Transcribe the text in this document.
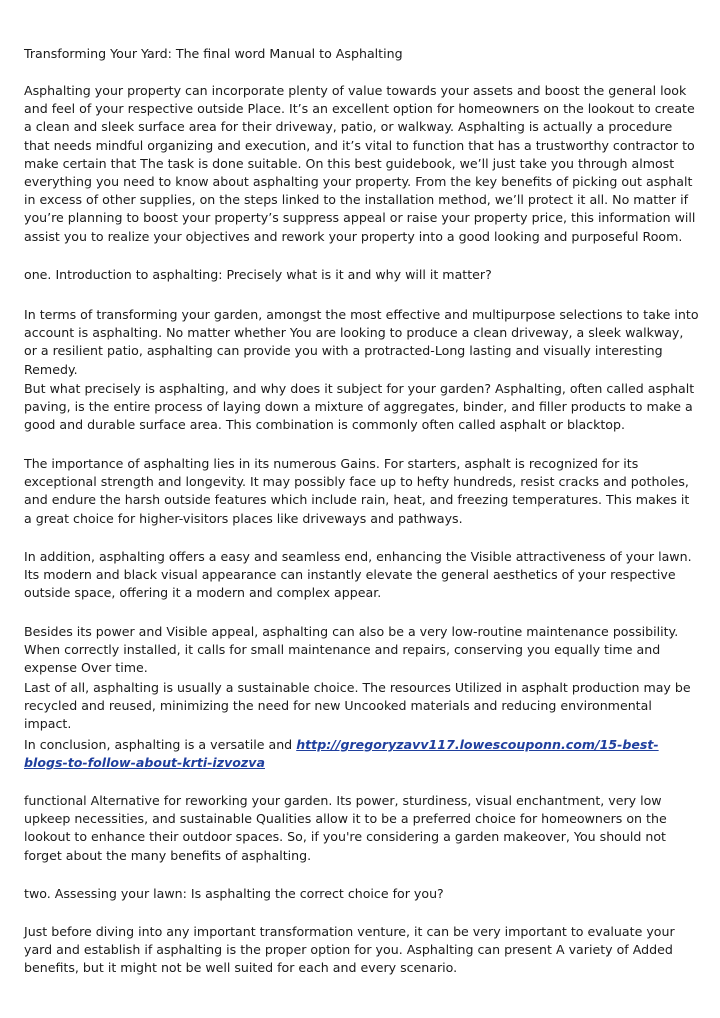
Transforming Your Yard: The final word Manual to Asphalting

Asphalting your property can incorporate plenty of value towards your assets and boost the general look and feel of your respective outside Place. It’s an excellent option for homeowners on the lookout to create a clean and sleek surface area for their driveway, patio, or walkway. Asphalting is actually a procedure that needs mindful organizing and execution, and it’s vital to function that has a trustworthy contractor to make certain that The task is done suitable. On this best guidebook, we’ll just take you through almost everything you need to know about asphalting your property. From the key benefits of picking out asphalt in excess of other supplies, on the steps linked to the installation method, we’ll protect it all. No matter if you’re planning to boost your property’s suppress appeal or raise your property price, this information will assist you to realize your objectives and rework your property into a good looking and purposeful Room.

one. Introduction to asphalting: Precisely what is it and why will it matter?

In terms of transforming your garden, amongst the most effective and multipurpose selections to take into account is asphalting. No matter whether You are looking to produce a clean driveway, a sleek walkway, or a resilient patio, asphalting can provide you with a protracted-Long lasting and visually interesting Remedy.

But what precisely is asphalting, and why does it subject for your garden? Asphalting, often called asphalt paving, is the entire process of laying down a mixture of aggregates, binder, and filler products to make a good and durable surface area. This combination is commonly often called asphalt or blacktop.

The importance of asphalting lies in its numerous Gains. For starters, asphalt is recognized for its exceptional strength and longevity. It may possibly face up to hefty hundreds, resist cracks and potholes, and endure the harsh outside features which include rain, heat, and freezing temperatures. This makes it a great choice for higher-visitors places like driveways and pathways.

In addition, asphalting offers a easy and seamless end, enhancing the Visible attractiveness of your lawn. Its modern and black visual appearance can instantly elevate the general aesthetics of your respective outside space, offering it a modern and complex appear.

Besides its power and Visible appeal, asphalting can also be a very low-routine maintenance possibility. When correctly installed, it calls for small maintenance and repairs, conserving you equally time and expense Over time.

Last of all, asphalting is usually a sustainable choice. The resources Utilized in asphalt production may be recycled and reused, minimizing the need for new Uncooked materials and reducing environmental impact.

In conclusion, asphalting is a versatile and http://gregoryzavv117.lowescouponn.com/15-best-blogs-to-follow-about-krti-izvozva

functional Alternative for reworking your garden. Its power, sturdiness, visual enchantment, very low upkeep necessities, and sustainable Qualities allow it to be a preferred choice for homeowners on the lookout to enhance their outdoor spaces. So, if you're considering a garden makeover, You should not forget about the many benefits of asphalting.

two. Assessing your lawn: Is asphalting the correct choice for you?

Just before diving into any important transformation venture, it can be very important to evaluate your yard and establish if asphalting is the proper option for you. Asphalting can present A variety of Added benefits, but it might not be well suited for each and every scenario.
